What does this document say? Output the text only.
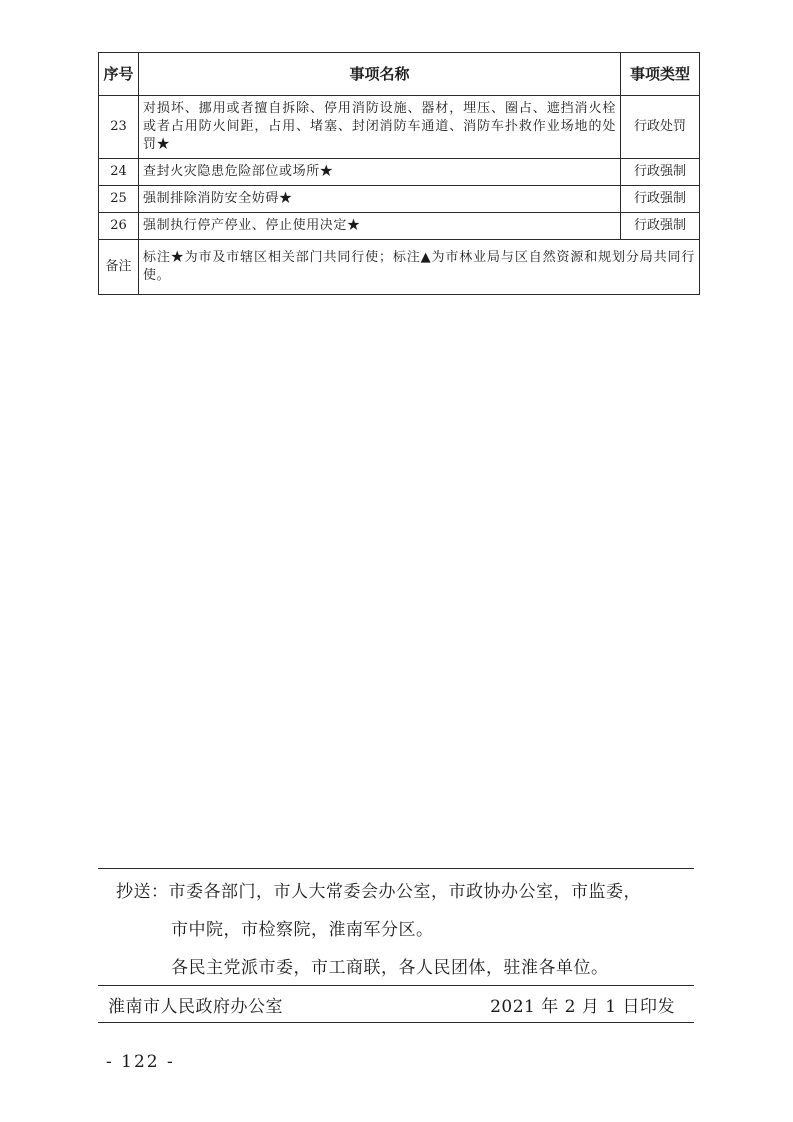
序号	事项名称	事项类型
23	对损坏、挪用或者擅自拆除、停用消防设施、器材，埋压、圈占、遮挡消火栓或者占用防火间距，占用、堵塞、封闭消防车通道、消防车扑救作业场地的处罚★	行政处罚
24	查封火灾隐患危险部位或场所★	行政强制
25	强制排除消防安全妨碍★	行政强制
26	强制执行停产停业、停止使用决定★	行政强制
备注	标注★为市及市辖区相关部门共同行使；标注▲为市林业局与区自然资源和规划分局共同行使。	
抄送：市委各部门，市人大常委会办公室，市政协办公室，市监委，
市中院，市检察院，淮南军分区。
各民主党派市委，市工商联，各人民团体，驻淮各单位。
淮南市人民政府办公室	2021 年 2 月 1 日印发
- 122 -
